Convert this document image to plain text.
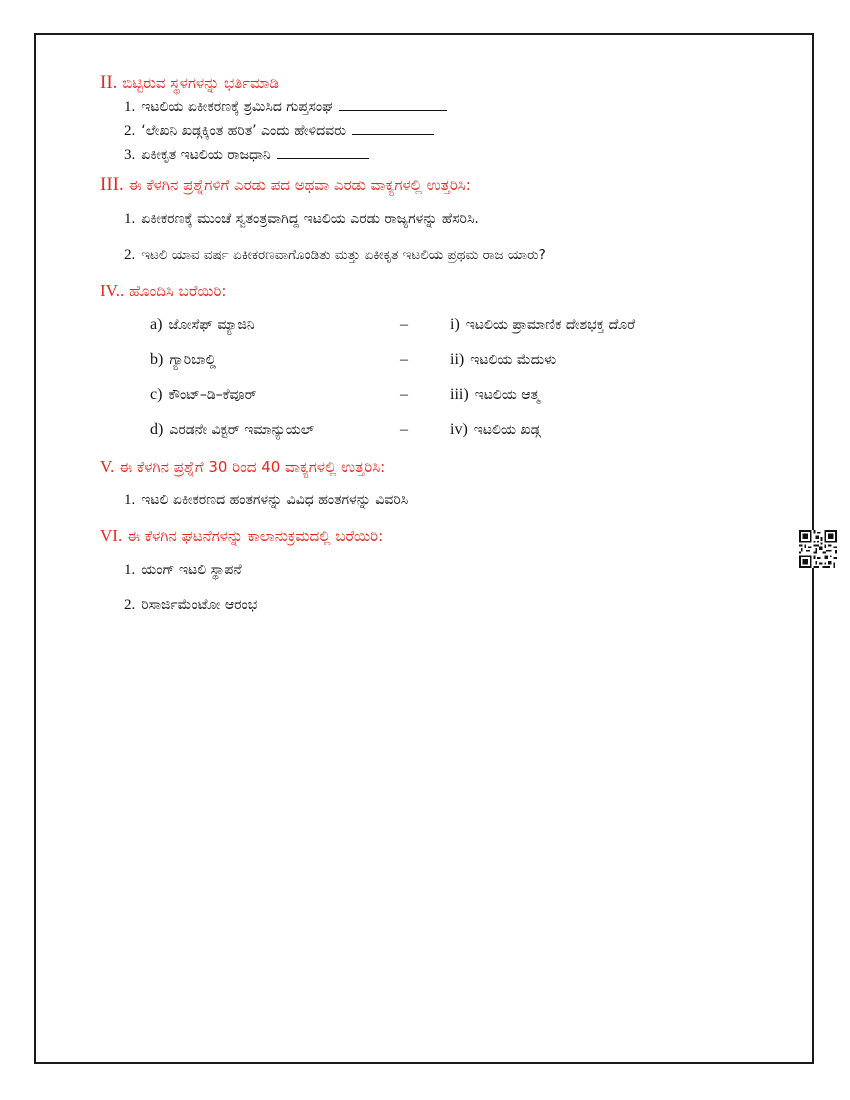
II. ಬಿಟ್ಟಿರುವ ಸ್ಥಳಗಳನ್ನು ಭರ್ತಿಮಾಡಿ
1. ಇಟಲಿಯ ಏಕೀಕರಣಕ್ಕೆ ಶ್ರಮಿಸಿದ ಗುಪ್ತಸಂಘ
2. ‘ಲೇಖನಿ ಖಡ್ಗಕ್ಕಿಂತ ಹರಿತ’ ಎಂದು ಹೇಳಿದವರು
3. ಏಕೀಕೃತ ಇಟಲಿಯ ರಾಜಧಾನಿ
III. ಈ ಕೆಳಗಿನ ಪ್ರಶ್ನೆಗಳಿಗೆ ಎರಡು ಪದ ಅಥವಾ ಎರಡು ವಾಕ್ಯಗಳಲ್ಲಿ ಉತ್ತರಿಸಿ:
1. ಏಕೀಕರಣಕ್ಕೆ ಮುಂಚೆ ಸ್ವತಂತ್ರವಾಗಿದ್ದ ಇಟಲಿಯ ಎರಡು ರಾಜ್ಯಗಳನ್ನು ಹೆಸರಿಸಿ.
2. ಇಟಲಿ ಯಾವ ವರ್ಷ ಏಕೀಕರಣವಾಗೊಂಡಿತು ಮತ್ತು ಏಕೀಕೃತ ಇಟಲಿಯ ಪ್ರಥಮ ರಾಜ ಯಾರು?
IV.. ಹೊಂದಿಸಿ ಬರೆಯಿರಿ:
a) ಜೋಸೆಫ್ ಮ್ಯಾಜಿನಿ	–	i) ಇಟಲಿಯ ಪ್ರಾಮಾಣಿಕ ದೇಶಭಕ್ತ ದೊರೆ
b) ಗ್ಯಾರಿಬಾಲ್ಡಿ	–	ii) ಇಟಲಿಯ ಮೆದುಳು
c) ಕೌಂಟ್–ಡಿ–ಕೆವೂರ್	–	iii) ಇಟಲಿಯ ಆತ್ಮ
d) ಎರಡನೇ ವಿಕ್ಟರ್ ಇಮಾನ್ಯುಯಲ್	–	iv) ಇಟಲಿಯ ಖಡ್ಗ
V. ಈ ಕೆಳಗಿನ ಪ್ರಶ್ನೆಗೆ 30 ರಿಂದ 40 ವಾಕ್ಯಗಳಲ್ಲಿ ಉತ್ತರಿಸಿ:
1. ಇಟಲಿ ಏಕೀಕರಣದ ಹಂತಗಳನ್ನು ವಿವಿಧ ಹಂತಗಳನ್ನು ವಿವರಿಸಿ
VI. ಈ ಕೆಳಗಿನ ಘಟನೆಗಳನ್ನು ಕಾಲಾನುಕ್ರಮದಲ್ಲಿ ಬರೆಯಿರಿ:
1. ಯಂಗ್ ಇಟಲಿ ಸ್ಥಾಪನೆ
2. ರಿಸಾರ್ಜಿಮೆಂಟೋ ಆರಂಭ
